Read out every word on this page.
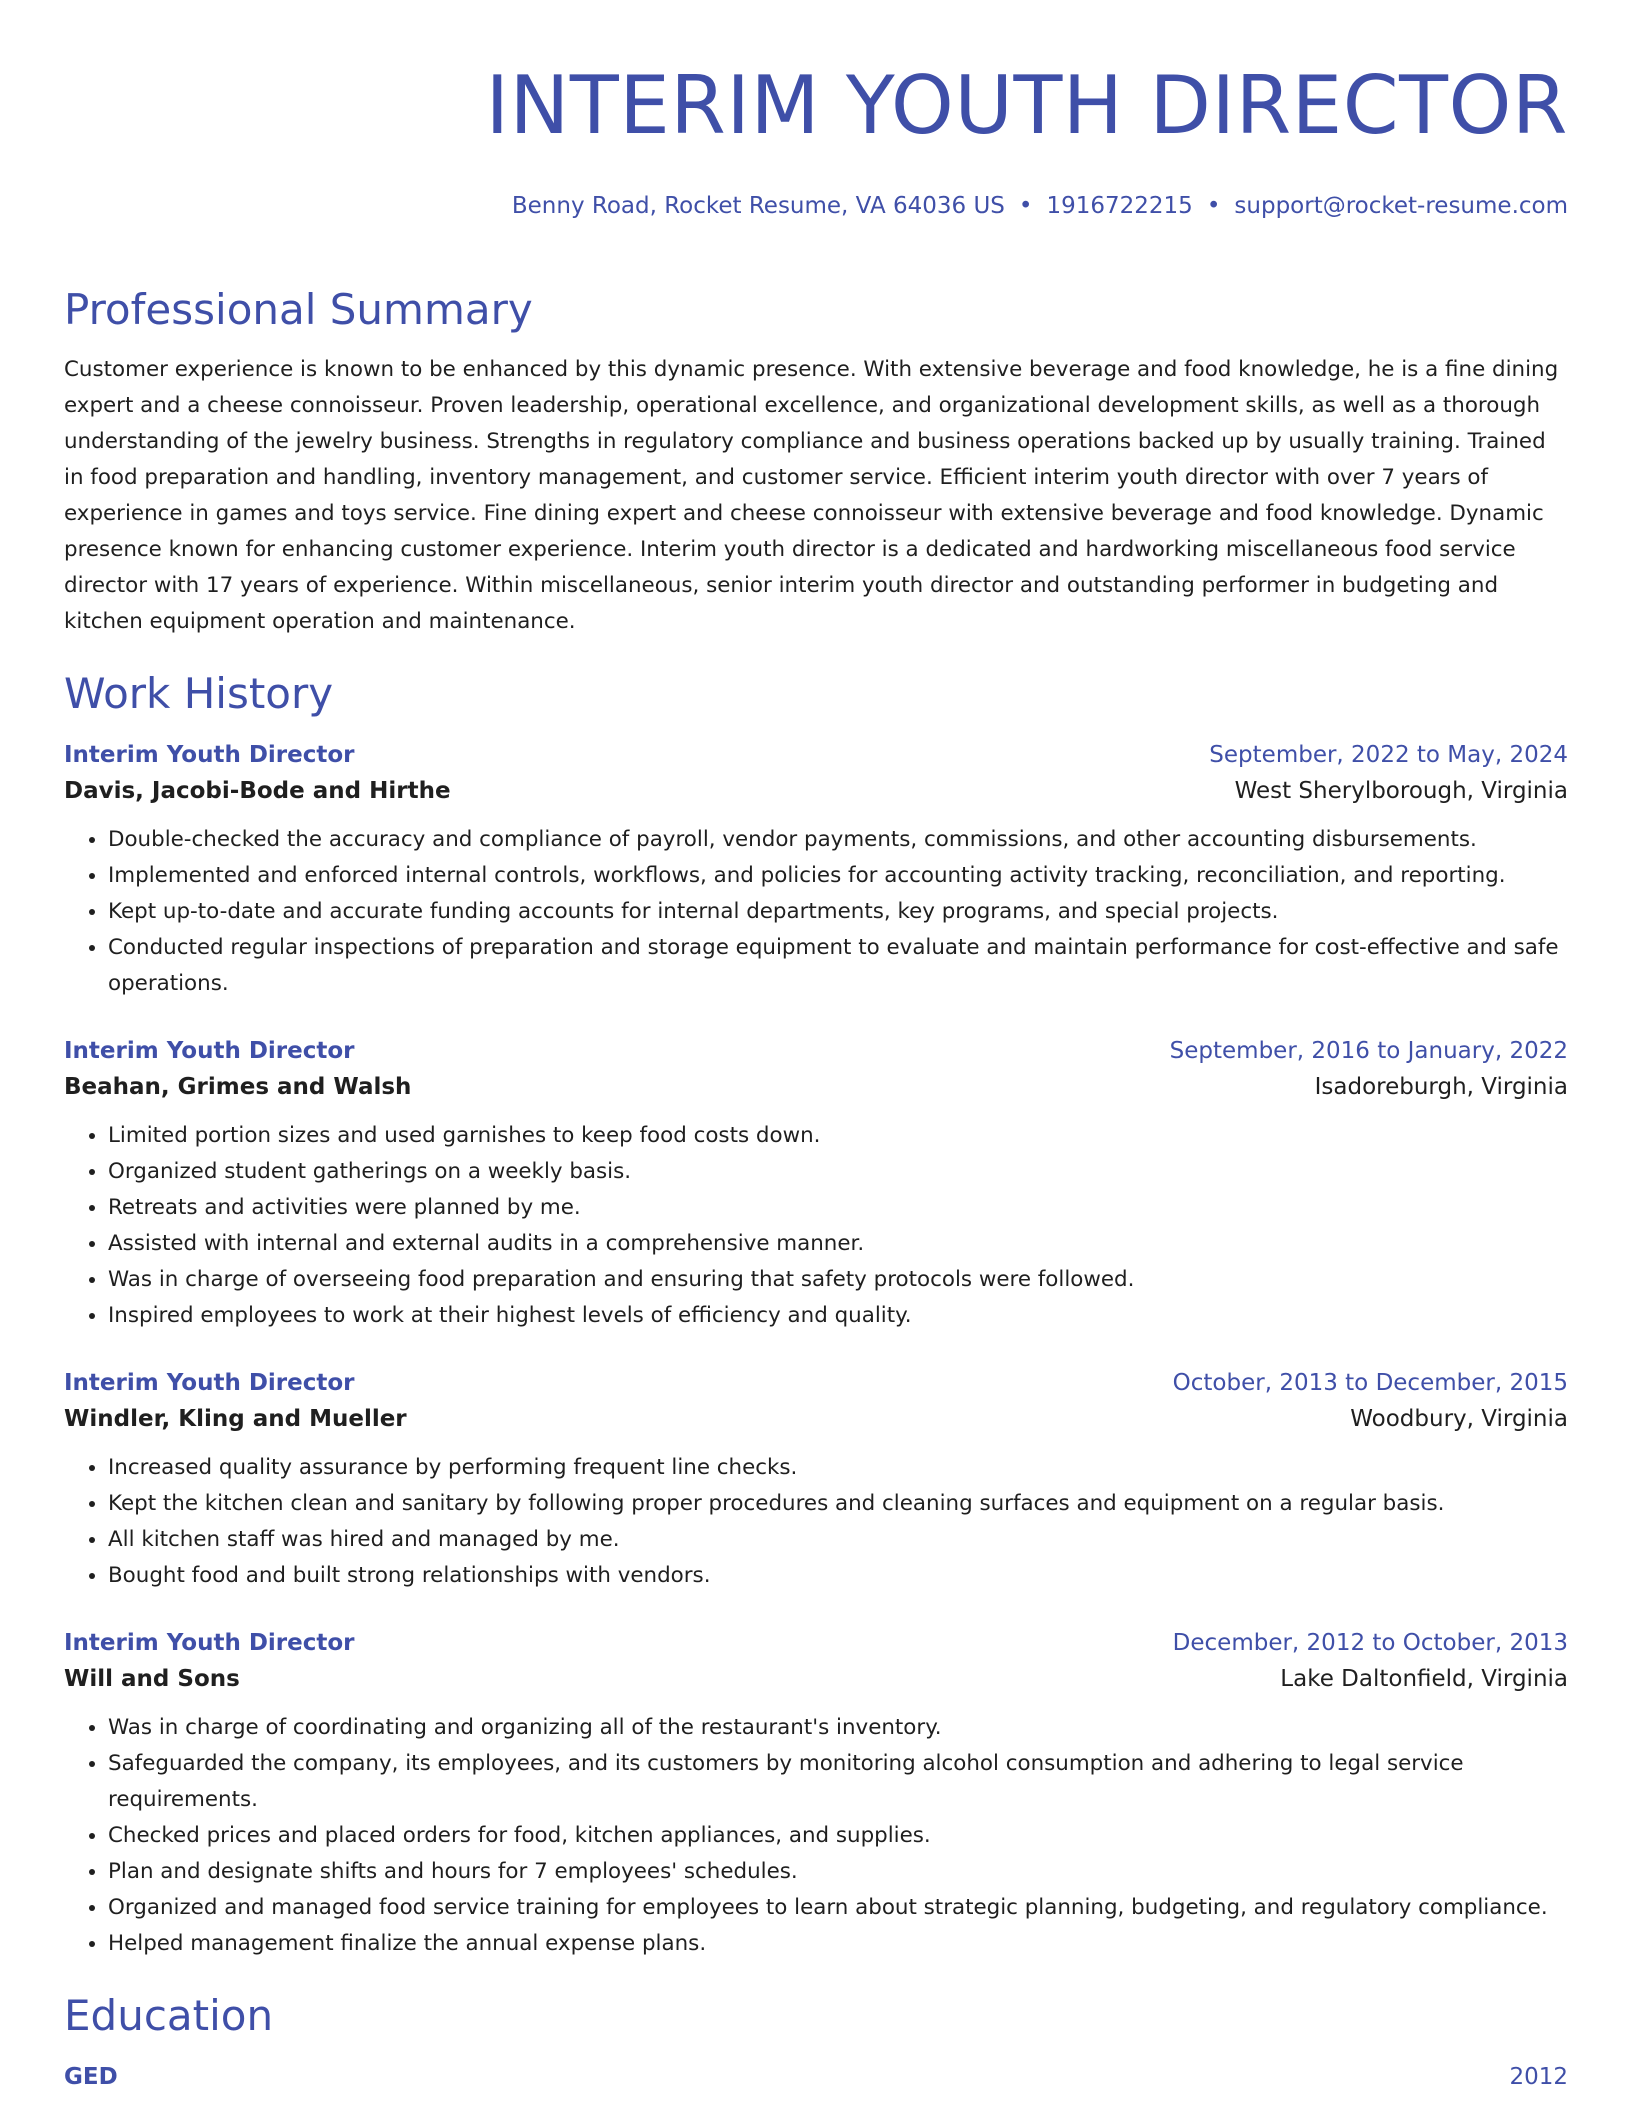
INTERIM YOUTH DIRECTOR
Benny Road, Rocket Resume, VA 64036 US • 1916722215 • support@rocket-resume.com
Professional Summary
Customer experience is known to be enhanced by this dynamic presence. With extensive beverage and food knowledge, he is a fine dining expert and a cheese connoisseur. Proven leadership, operational excellence, and organizational development skills, as well as a thorough understanding of the jewelry business. Strengths in regulatory compliance and business operations backed up by usually training. Trained in food preparation and handling, inventory management, and customer service. Efficient interim youth director with over 7 years of experience in games and toys service. Fine dining expert and cheese connoisseur with extensive beverage and food knowledge. Dynamic presence known for enhancing customer experience. Interim youth director is a dedicated and hardworking miscellaneous food service director with 17 years of experience. Within miscellaneous, senior interim youth director and outstanding performer in budgeting and kitchen equipment operation and maintenance.
Work History
Interim Youth Director	September, 2022 to May, 2024
Davis, Jacobi-Bode and Hirthe	West Sherylborough, Virginia
• Double-checked the accuracy and compliance of payroll, vendor payments, commissions, and other accounting disbursements.
• Implemented and enforced internal controls, workflows, and policies for accounting activity tracking, reconciliation, and reporting.
• Kept up-to-date and accurate funding accounts for internal departments, key programs, and special projects.
• Conducted regular inspections of preparation and storage equipment to evaluate and maintain performance for cost-effective and safe operations.
Interim Youth Director	September, 2016 to January, 2022
Beahan, Grimes and Walsh	Isadoreburgh, Virginia
• Limited portion sizes and used garnishes to keep food costs down.
• Organized student gatherings on a weekly basis.
• Retreats and activities were planned by me.
• Assisted with internal and external audits in a comprehensive manner.
• Was in charge of overseeing food preparation and ensuring that safety protocols were followed.
• Inspired employees to work at their highest levels of efficiency and quality.
Interim Youth Director	October, 2013 to December, 2015
Windler, Kling and Mueller	Woodbury, Virginia
• Increased quality assurance by performing frequent line checks.
• Kept the kitchen clean and sanitary by following proper procedures and cleaning surfaces and equipment on a regular basis.
• All kitchen staff was hired and managed by me.
• Bought food and built strong relationships with vendors.
Interim Youth Director	December, 2012 to October, 2013
Will and Sons	Lake Daltonfield, Virginia
• Was in charge of coordinating and organizing all of the restaurant's inventory.
• Safeguarded the company, its employees, and its customers by monitoring alcohol consumption and adhering to legal service requirements.
• Checked prices and placed orders for food, kitchen appliances, and supplies.
• Plan and designate shifts and hours for 7 employees' schedules.
• Organized and managed food service training for employees to learn about strategic planning, budgeting, and regulatory compliance.
• Helped management finalize the annual expense plans.
Education
GED	2012
